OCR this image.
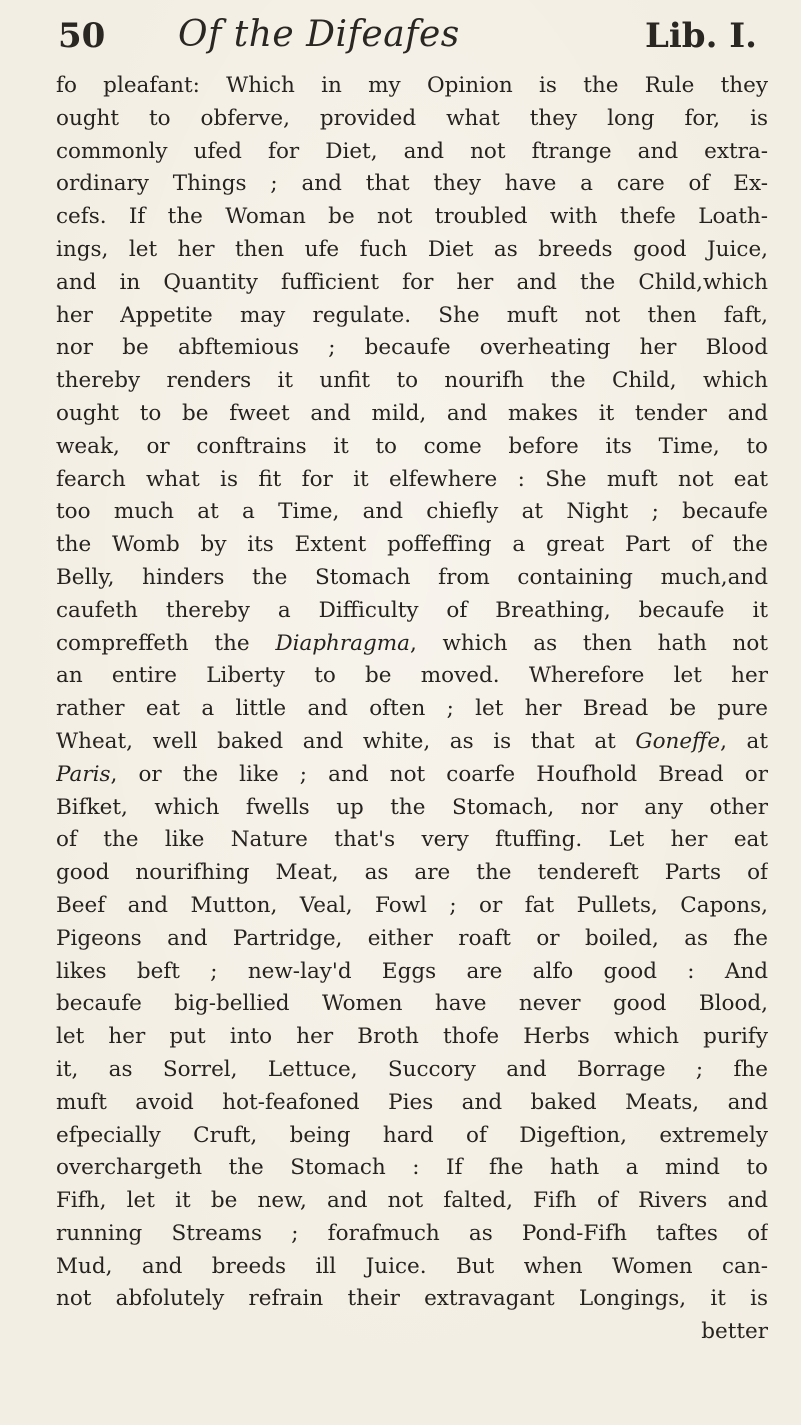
50 Of the Difeafes	Lib. I.
fo pleafant: Which in my Opinion is the Rule they
ought to obferve, provided what they long for, is
commonly ufed for Diet, and not ftrange and extra-
ordinary Things ; and that they have a care of Ex-
cefs. If the Woman be not troubled with thefe Loath-
ings, let her then ufe fuch Diet as breeds good Juice,
and in Quantity fufficient for her and the Child,which
her Appetite may regulate. She muft not then faft,
nor be abftemious ; becaufe overheating her Blood
thereby renders it unfit to nourifh the Child, which
ought to be fweet and mild, and makes it tender and
weak, or conftrains it to come before its Time, to
fearch what is fit for it elfewhere : She muft not eat
too much at a Time, and chiefly at Night ; becaufe
the Womb by its Extent poffeffing a great Part of the
Belly, hinders the Stomach from containing much,and
caufeth thereby a Difficulty of Breathing, becaufe it
compreffeth the Diaphragma, which as then hath not
an entire Liberty to be moved. Wherefore let her
rather eat a little and often ; let her Bread be pure
Wheat, well baked and white, as is that at Goneffe, at
Paris, or the like ; and not coarfe Houfhold Bread or
Bifket, which fwells up the Stomach, nor any other
of the like Nature that's very ftuffing. Let her eat
good nourifhing Meat, as are the tendereft Parts of
Beef and Mutton, Veal, Fowl ; or fat Pullets, Capons,
Pigeons and Partridge, either roaft or boiled, as fhe
likes beft ; new-lay'd Eggs are alfo good : And
becaufe big-bellied Women have never good Blood,
let her put into her Broth thofe Herbs which purify
it, as Sorrel, Lettuce, Succory and Borrage ; fhe
muft avoid hot-feafoned Pies and baked Meats, and
efpecially Cruft, being hard of Digeftion, extremely
overchargeth the Stomach : If fhe hath a mind to
Fifh, let it be new, and not falted, Fifh of Rivers and
running Streams ; forafmuch as Pond-Fifh taftes of
Mud, and breeds ill Juice. But when Women can-
not abfolutely refrain their extravagant Longings, it is
better
